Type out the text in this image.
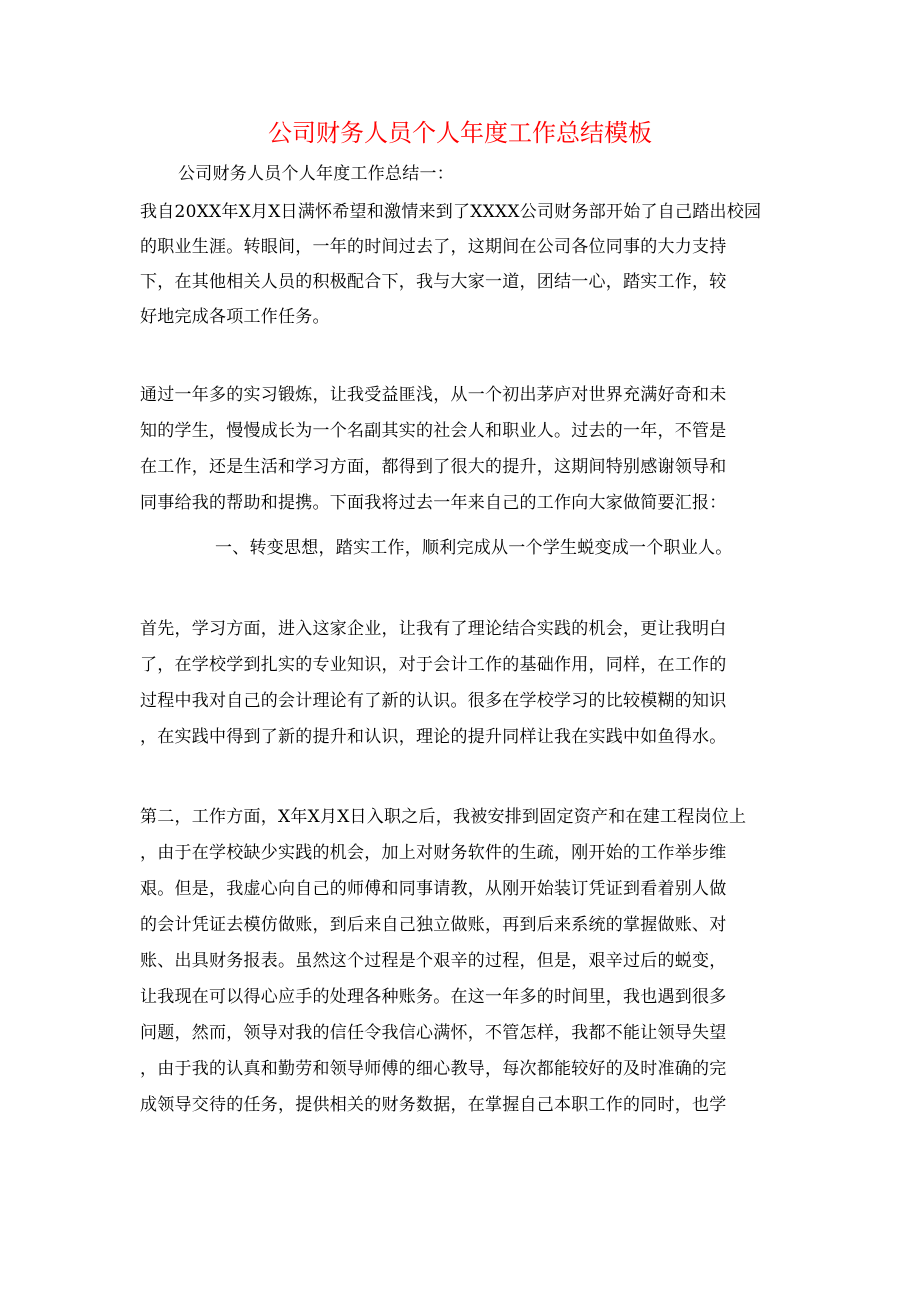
公司财务人员个人年度工作总结模板

公司财务人员个人年度工作总结一：

我自20XX年X月X日满怀希望和激情来到了XXXX公司财务部开始了自己踏出校园

的职业生涯。转眼间，一年的时间过去了，这期间在公司各位同事的大力支持

下，在其他相关人员的积极配合下，我与大家一道，团结一心，踏实工作，较

好地完成各项工作任务。

通过一年多的实习锻炼，让我受益匪浅，从一个初出茅庐对世界充满好奇和未

知的学生，慢慢成长为一个名副其实的社会人和职业人。过去的一年，不管是

在工作，还是生活和学习方面，都得到了很大的提升，这期间特别感谢领导和

同事给我的帮助和提携。下面我将过去一年来自己的工作向大家做简要汇报：

一、转变思想，踏实工作，顺利完成从一个学生蜕变成一个职业人。

首先，学习方面，进入这家企业，让我有了理论结合实践的机会，更让我明白

了，在学校学到扎实的专业知识，对于会计工作的基础作用，同样，在工作的

过程中我对自己的会计理论有了新的认识。很多在学校学习的比较模糊的知识

，在实践中得到了新的提升和认识，理论的提升同样让我在实践中如鱼得水。

第二，工作方面，X年X月X日入职之后，我被安排到固定资产和在建工程岗位上

，由于在学校缺少实践的机会，加上对财务软件的生疏，刚开始的工作举步维

艰。但是，我虚心向自己的师傅和同事请教，从刚开始装订凭证到看着别人做

的会计凭证去模仿做账，到后来自己独立做账，再到后来系统的掌握做账、对

账、出具财务报表。虽然这个过程是个艰辛的过程，但是，艰辛过后的蜕变，

让我现在可以得心应手的处理各种账务。在这一年多的时间里，我也遇到很多

问题，然而，领导对我的信任令我信心满怀，不管怎样，我都不能让领导失望

，由于我的认真和勤劳和领导师傅的细心教导，每次都能较好的及时准确的完

成领导交待的任务，提供相关的财务数据，在掌握自己本职工作的同时，也学
